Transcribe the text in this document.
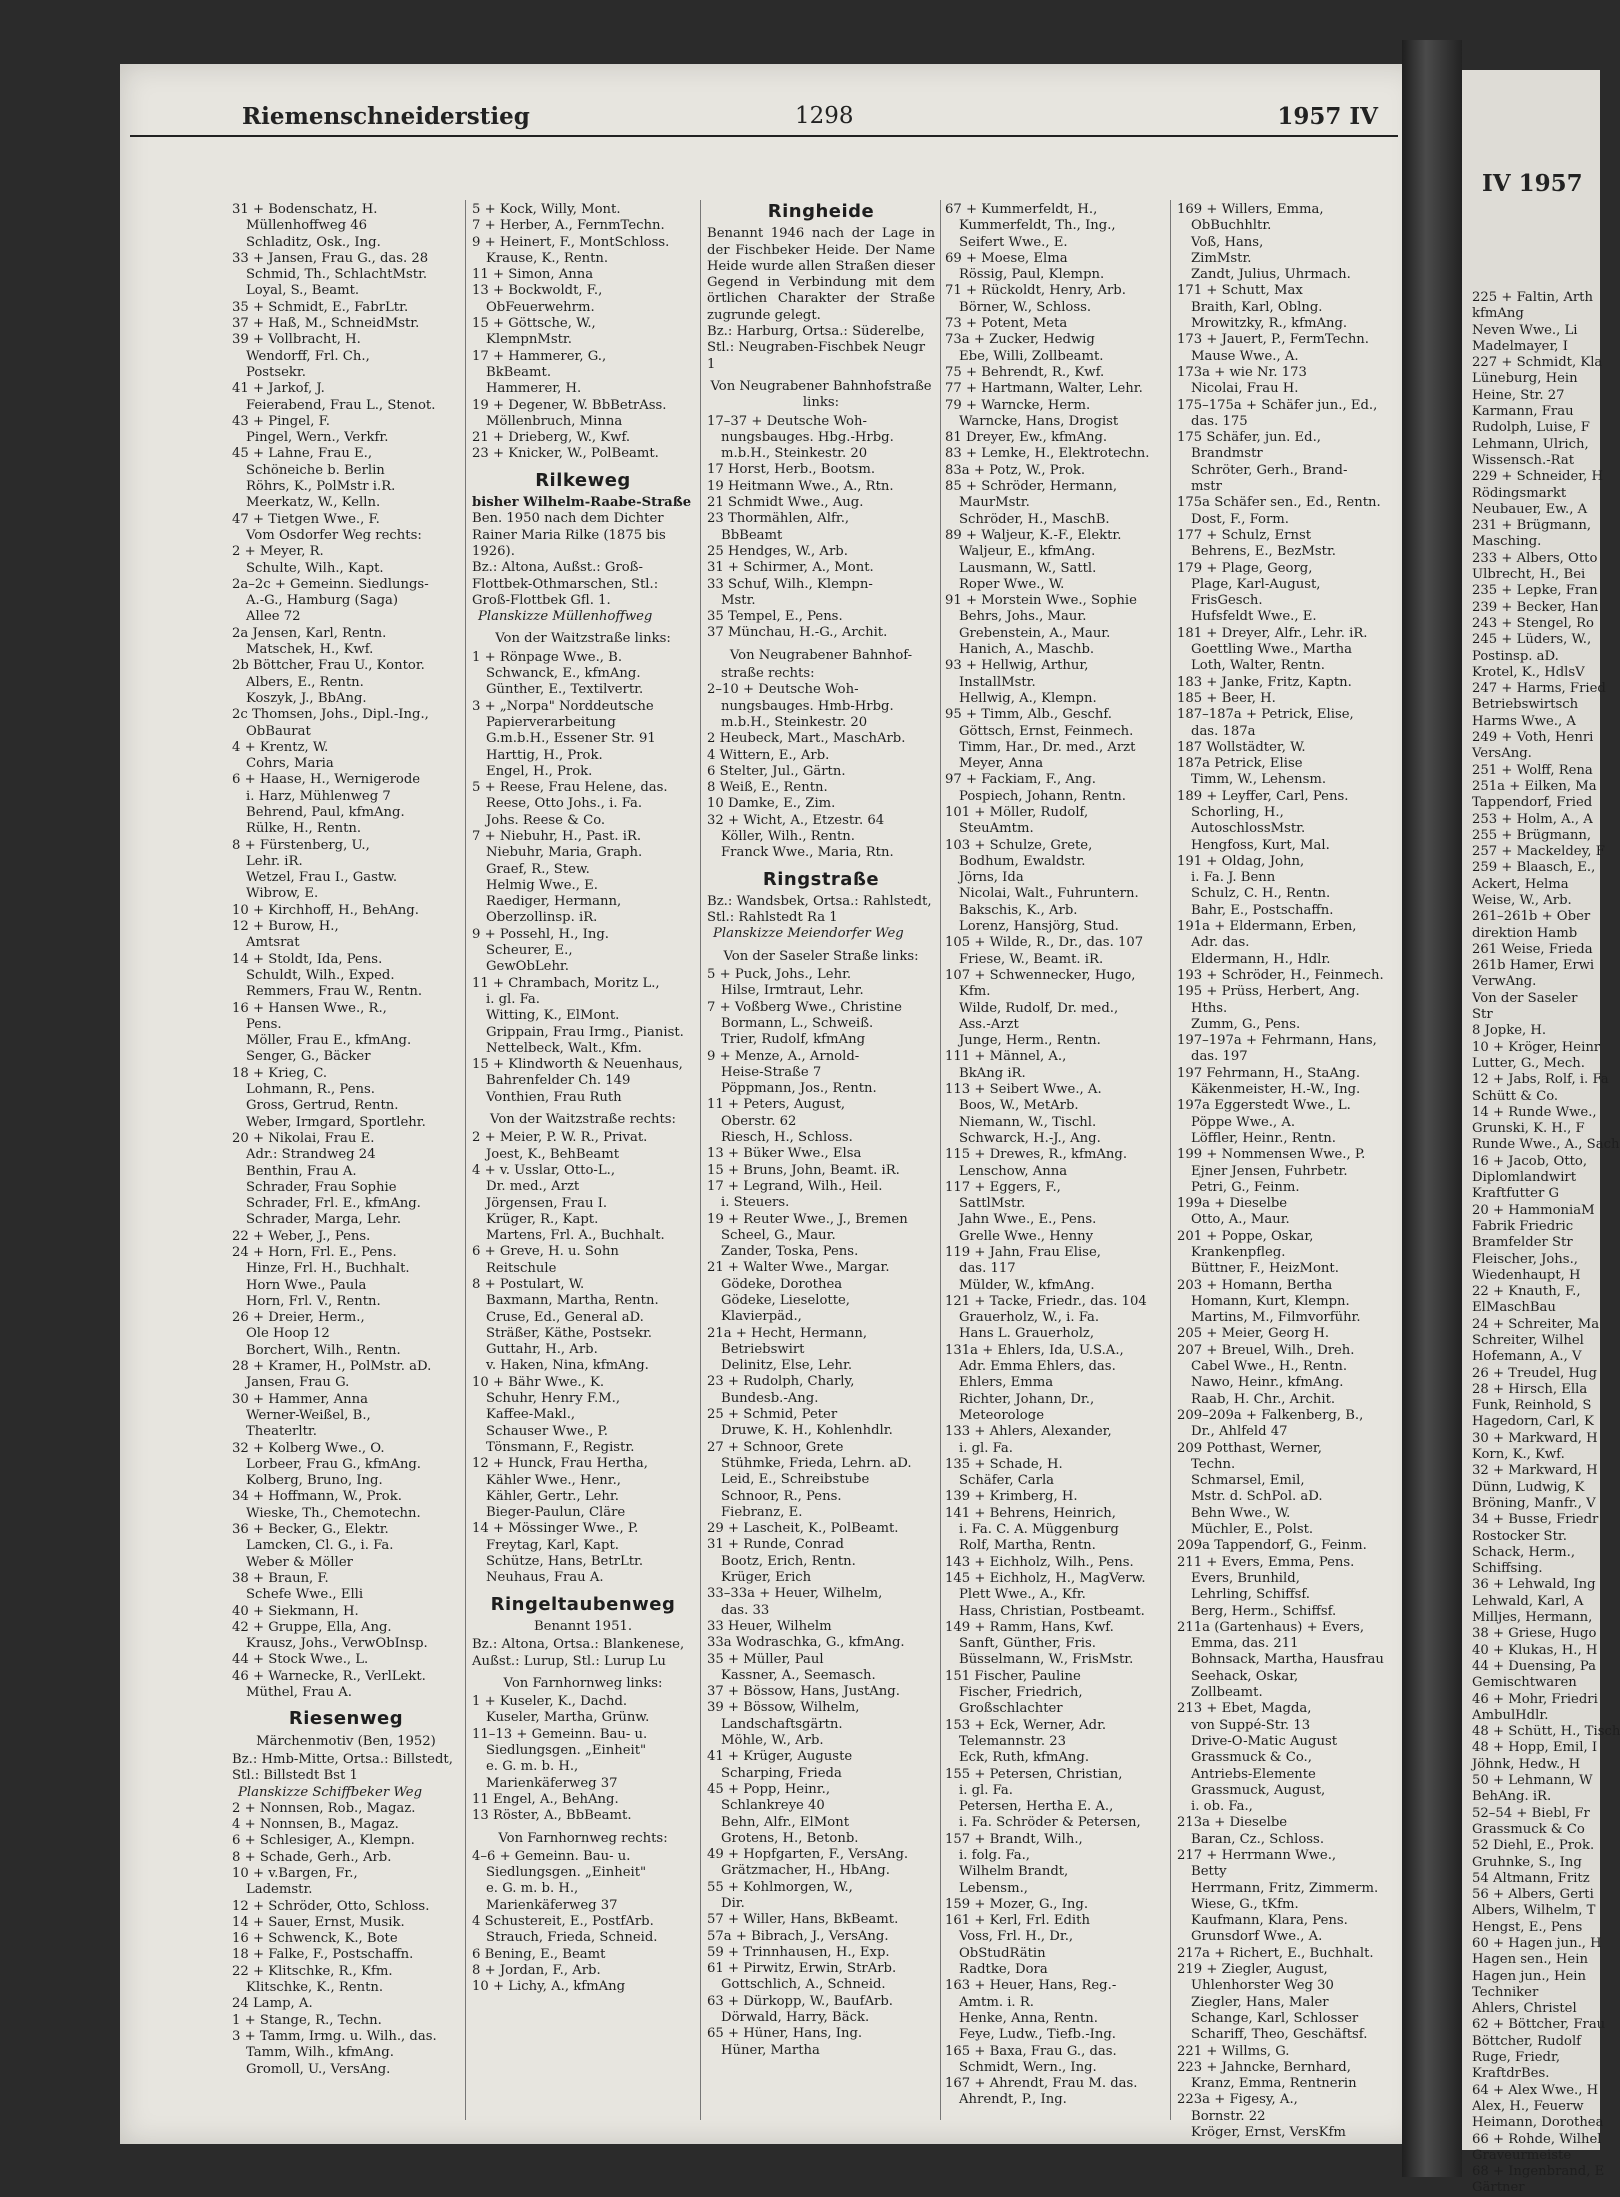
IV 1957
225 + Faltin, Arth
kfmAng
Neven Wwe., Li
Madelmayer, I
227 + Schmidt, Kla
Lüneburg, Hein
Heine, Str. 27
Karmann, Frau
Rudolph, Luise, F
Lehmann, Ulrich,
Wissensch.-Rat
229 + Schneider, H
Rödingsmarkt
Neubauer, Ew., A
231 + Brügmann,
Masching.
233 + Albers, Otto
Ulbrecht, H., Bei
235 + Lepke, Fran
239 + Becker, Han
243 + Stengel, Ro
245 + Lüders, W.,
Postinsp. aD.
Krotel, K., HdlsV
247 + Harms, Fried
Betriebswirtsch
Harms Wwe., A
249 + Voth, Henri
VersAng.
251 + Wolff, Rena
251a + Eilken, Ma
Tappendorf, Fried
253 + Holm, A., A
255 + Brügmann,
257 + Mackeldey, F
259 + Blaasch, E.,
Ackert, Helma
Weise, W., Arb.
261–261b + Ober
direktion Hamb
261 Weise, Frieda
261b Hamer, Erwi
VerwAng.
Von der Saseler Str
8 Jopke, H.
10 + Kröger, Heinr
Lutter, G., Mech.
12 + Jabs, Rolf, i. Fa
Schütt & Co.
14 + Runde Wwe.,
Grunski, K. H., F
Runde Wwe., A., Sach
16 + Jacob, Otto,
Diplomlandwirt
Kraftfutter G
20 + HammoniaM
Fabrik Friedric
Bramfelder Str
Fleischer, Johs.,
Wiedenhaupt, H
22 + Knauth, F.,
ElMaschBau
24 + Schreiter, Ma
Schreiter, Wilhel
Hofemann, A., V
26 + Treudel, Hug
28 + Hirsch, Ella
Funk, Reinhold, S
Hagedorn, Carl, K
30 + Markward, H
Korn, K., Kwf.
32 + Markward, H
Dünn, Ludwig, K
Bröning, Manfr., V
34 + Busse, Friedr
Rostocker Str.
Schack, Herm.,
Schiffsing.
36 + Lehwald, Ing
Lehwald, Karl, A
Milljes, Hermann,
38 + Griese, Hugo
40 + Klukas, H., H
44 + Duensing, Pa
Gemischtwaren
46 + Mohr, Friedri
AmbulHdlr.
48 + Schütt, H., Tisch
48 + Hopp, Emil, I
Jöhnk, Hedw., H
50 + Lehmann, W
BehAng. iR.
52–54 + Biebl, Fr
Grassmuck & Co
52 Diehl, E., Prok.
Gruhnke, S., Ing
54 Altmann, Fritz
56 + Albers, Gerti
Albers, Wilhelm, T
Hengst, E., Pens
60 + Hagen jun., H
Hagen sen., Hein
Hagen jun., Hein
Techniker
Ahlers, Christel
62 + Böttcher, Frau
Böttcher, Rudolf
Ruge, Friedr,
KraftdrBes.
64 + Alex Wwe., H
Alex, H., Feuerw
Heimann, Dorothea
66 + Rohde, Wilhel
Graveurmeiste
68 + Ingenbrand, E
Gärtner
Riemenschneiderstieg	1298	1957 IV
31 + Bodenschatz, H.
Müllenhoffweg 46
Schladitz, Osk., Ing.
33 + Jansen, Frau G., das. 28
Schmid, Th., SchlachtMstr.
Loyal, S., Beamt.
35 + Schmidt, E., FabrLtr.
37 + Haß, M., SchneidMstr.
39 + Vollbracht, H.
Wendorff, Frl. Ch.,
Postsekr.
41 + Jarkof, J.
Feierabend, Frau L., Stenot.
43 + Pingel, F.
Pingel, Wern., Verkfr.
45 + Lahne, Frau E.,
Schöneiche b. Berlin
Röhrs, K., PolMstr i.R.
Meerkatz, W., Kelln.
47 + Tietgen Wwe., F.
Vom Osdorfer Weg rechts:
2 + Meyer, R.
Schulte, Wilh., Kapt.
2a–2c + Gemeinn. Siedlungs-
A.-G., Hamburg (Saga)
Allee 72
2a Jensen, Karl, Rentn.
Matschek, H., Kwf.
2b Böttcher, Frau U., Kontor.
Albers, E., Rentn.
Koszyk, J., BbAng.
2c Thomsen, Johs., Dipl.-Ing.,
ObBaurat
4 + Krentz, W.
Cohrs, Maria
6 + Haase, H., Wernigerode
i. Harz, Mühlenweg 7
Behrend, Paul, kfmAng.
Rülke, H., Rentn.
8 + Fürstenberg, U.,
Lehr. iR.
Wetzel, Frau I., Gastw.
Wibrow, E.
10 + Kirchhoff, H., BehAng.
12 + Burow, H.,
Amtsrat
14 + Stoldt, Ida, Pens.
Schuldt, Wilh., Exped.
Remmers, Frau W., Rentn.
16 + Hansen Wwe., R.,
Pens.
Möller, Frau E., kfmAng.
Senger, G., Bäcker
18 + Krieg, C.
Lohmann, R., Pens.
Gross, Gertrud, Rentn.
Weber, Irmgard, Sportlehr.
20 + Nikolai, Frau E.
Adr.: Strandweg 24
Benthin, Frau A.
Schrader, Frau Sophie
Schrader, Frl. E., kfmAng.
Schrader, Marga, Lehr.
22 + Weber, J., Pens.
24 + Horn, Frl. E., Pens.
Hinze, Frl. H., Buchhalt.
Horn Wwe., Paula
Horn, Frl. V., Rentn.
26 + Dreier, Herm.,
Ole Hoop 12
Borchert, Wilh., Rentn.
28 + Kramer, H., PolMstr. aD.
Jansen, Frau G.
30 + Hammer, Anna
Werner-Weißel, B.,
Theaterltr.
32 + Kolberg Wwe., O.
Lorbeer, Frau G., kfmAng.
Kolberg, Bruno, Ing.
34 + Hoffmann, W., Prok.
Wieske, Th., Chemotechn.
36 + Becker, G., Elektr.
Lamcken, Cl. G., i. Fa.
Weber & Möller
38 + Braun, F.
Schefe Wwe., Elli
40 + Siekmann, H.
42 + Gruppe, Ella, Ang.
Krausz, Johs., VerwObInsp.
44 + Stock Wwe., L.
46 + Warnecke, R., VerlLekt.
Müthel, Frau A.
Riesenweg
Märchenmotiv (Ben, 1952)
Bz.: Hmb-Mitte, Ortsa.: Billstedt, Stl.: Billstedt Bst 1
Planskizze Schiffbeker Weg
2 + Nonnsen, Rob., Magaz.
4 + Nonnsen, B., Magaz.
6 + Schlesiger, A., Klempn.
8 + Schade, Gerh., Arb.
10 + v.Bargen, Fr.,
Lademstr.
12 + Schröder, Otto, Schloss.
14 + Sauer, Ernst, Musik.
16 + Schwenck, K., Bote
18 + Falke, F., Postschaffn.
22 + Klitschke, R., Kfm.
Klitschke, K., Rentn.
24 Lamp, A.
1 + Stange, R., Techn.
3 + Tamm, Irmg. u. Wilh., das.
Tamm, Wilh., kfmAng.
Gromoll, U., VersAng.
5 + Kock, Willy, Mont.
7 + Herber, A., FernmTechn.
9 + Heinert, F., MontSchloss.
Krause, K., Rentn.
11 + Simon, Anna
13 + Bockwoldt, F.,
ObFeuerwehrm.
15 + Göttsche, W.,
KlempnMstr.
17 + Hammerer, G.,
BkBeamt.
Hammerer, H.
19 + Degener, W. BbBetrAss.
Möllenbruch, Minna
21 + Drieberg, W., Kwf.
23 + Knicker, W., PolBeamt.
Rilkeweg
bisher Wilhelm-Raabe-Straße
Ben. 1950 nach dem Dichter Rainer Maria Rilke (1875 bis 1926).
Bz.: Altona, Außst.: Groß-Flottbek-Othmarschen, Stl.: Groß-Flottbek Gfl. 1.
Planskizze Müllenhoffweg
Von der Waitzstraße links:
1 + Rönpage Wwe., B.
Schwanck, E., kfmAng.
Günther, E., Textilvertr.
3 + „Norpa" Norddeutsche
Papierverarbeitung
G.m.b.H., Essener Str. 91
Harttig, H., Prok.
Engel, H., Prok.
5 + Reese, Frau Helene, das.
Reese, Otto Johs., i. Fa.
Johs. Reese & Co.
7 + Niebuhr, H., Past. iR.
Niebuhr, Maria, Graph.
Graef, R., Stew.
Helmig Wwe., E.
Raediger, Hermann,
Oberzollinsp. iR.
9 + Possehl, H., Ing.
Scheurer, E.,
GewObLehr.
11 + Chrambach, Moritz L.,
i. gl. Fa.
Witting, K., ElMont.
Grippain, Frau Irmg., Pianist.
Nettelbeck, Walt., Kfm.
15 + Klindworth & Neuenhaus,
Bahrenfelder Ch. 149
Vonthien, Frau Ruth
Von der Waitzstraße rechts:
2 + Meier, P. W. R., Privat.
Joest, K., BehBeamt
4 + v. Usslar, Otto-L.,
Dr. med., Arzt
Jörgensen, Frau I.
Krüger, R., Kapt.
Martens, Frl. A., Buchhalt.
6 + Greve, H. u. Sohn
Reitschule
8 + Postulart, W.
Baxmann, Martha, Rentn.
Cruse, Ed., General aD.
Sträßer, Käthe, Postsekr.
Guttahr, H., Arb.
v. Haken, Nina, kfmAng.
10 + Bähr Wwe., K.
Schuhr, Henry F.M.,
Kaffee-Makl.,
Schauser Wwe., P.
Tönsmann, F., Registr.
12 + Hunck, Frau Hertha,
Kähler Wwe., Henr.,
Kähler, Gertr., Lehr.
Bieger-Paulun, Cläre
14 + Mössinger Wwe., P.
Freytag, Karl, Kapt.
Schütze, Hans, BetrLtr.
Neuhaus, Frau A.
Ringeltaubenweg
Benannt 1951.
Bz.: Altona, Ortsa.: Blankenese, Außst.: Lurup, Stl.: Lurup Lu
Von Farnhornweg links:
1 + Kuseler, K., Dachd.
Kuseler, Martha, Grünw.
11–13 + Gemeinn. Bau- u.
Siedlungsgen. „Einheit"
e. G. m. b. H.,
Marienkäferweg 37
11 Engel, A., BehAng.
13 Röster, A., BbBeamt.
Von Farnhornweg rechts:
4–6 + Gemeinn. Bau- u.
Siedlungsgen. „Einheit"
e. G. m. b. H.,
Marienkäferweg 37
4 Schustereit, E., PostfArb.
Strauch, Frieda, Schneid.
6 Bening, E., Beamt
8 + Jordan, F., Arb.
10 + Lichy, A., kfmAng
Ringheide
Benannt 1946 nach der Lage in der Fischbeker Heide. Der Name Heide wurde allen Straßen dieser Gegend in Verbindung mit dem örtlichen Charakter der Straße zugrunde gelegt.
Bz.: Harburg, Ortsa.: Süderelbe, Stl.: Neugraben-Fischbek Neugr 1
Von Neugrabener Bahnhofstraße links:
17–37 + Deutsche Woh-
nungsbauges. Hbg.-Hrbg.
m.b.H., Steinkestr. 20
17 Horst, Herb., Bootsm.
19 Heitmann Wwe., A., Rtn.
21 Schmidt Wwe., Aug.
23 Thormählen, Alfr.,
BbBeamt
25 Hendges, W., Arb.
31 + Schirmer, A., Mont.
33 Schuf, Wilh., Klempn-
Mstr.
35 Tempel, E., Pens.
37 Münchau, H.-G., Archit.
Von Neugrabener Bahnhof-
straße rechts:
2–10 + Deutsche Woh-
nungsbauges. Hmb-Hrbg.
m.b.H., Steinkestr. 20
2 Heubeck, Mart., MaschArb.
4 Wittern, E., Arb.
6 Stelter, Jul., Gärtn.
8 Weiß, E., Rentn.
10 Damke, E., Zim.
32 + Wicht, A., Etzestr. 64
Köller, Wilh., Rentn.
Franck Wwe., Maria, Rtn.
Ringstraße
Bz.: Wandsbek, Ortsa.: Rahlstedt, Stl.: Rahlstedt Ra 1
Planskizze Meiendorfer Weg
Von der Saseler Straße links:
5 + Puck, Johs., Lehr.
Hilse, Irmtraut, Lehr.
7 + Voßberg Wwe., Christine
Bormann, L., Schweiß.
Trier, Rudolf, kfmAng
9 + Menze, A., Arnold-
Heise-Straße 7
Pöppmann, Jos., Rentn.
11 + Peters, August,
Oberstr. 62
Riesch, H., Schloss.
13 + Büker Wwe., Elsa
15 + Bruns, John, Beamt. iR.
17 + Legrand, Wilh., Heil.
i. Steuers.
19 + Reuter Wwe., J., Bremen
Scheel, G., Maur.
Zander, Toska, Pens.
21 + Walter Wwe., Margar.
Gödeke, Dorothea
Gödeke, Lieselotte,
Klavierpäd.,
21a + Hecht, Hermann,
Betriebswirt
Delinitz, Else, Lehr.
23 + Rudolph, Charly,
Bundesb.-Ang.
25 + Schmid, Peter
Druwe, K. H., Kohlenhdlr.
27 + Schnoor, Grete
Stühmke, Frieda, Lehrn. aD.
Leid, E., Schreibstube
Schnoor, R., Pens.
Fiebranz, E.
29 + Lascheit, K., PolBeamt.
31 + Runde, Conrad
Bootz, Erich, Rentn.
Krüger, Erich
33–33a + Heuer, Wilhelm,
das. 33
33 Heuer, Wilhelm
33a Wodraschka, G., kfmAng.
35 + Müller, Paul
Kassner, A., Seemasch.
37 + Bössow, Hans, JustAng.
39 + Bössow, Wilhelm,
Landschaftsgärtn.
Möhle, W., Arb.
41 + Krüger, Auguste
Scharping, Frieda
45 + Popp, Heinr.,
Schlankreye 40
Behn, Alfr., ElMont
Grotens, H., Betonb.
49 + Hopfgarten, F., VersAng.
Grätzmacher, H., HbAng.
55 + Kohlmorgen, W.,
Dir.
57 + Willer, Hans, BkBeamt.
57a + Bibrach, J., VersAng.
59 + Trinnhausen, H., Exp.
61 + Pirwitz, Erwin, StrArb.
Gottschlich, A., Schneid.
63 + Dürkopp, W., BaufArb.
Dörwald, Harry, Bäck.
65 + Hüner, Hans, Ing.
Hüner, Martha
67 + Kummerfeldt, H.,
Kummerfeldt, Th., Ing.,
Seifert Wwe., E.
69 + Moese, Elma
Rössig, Paul, Klempn.
71 + Rückoldt, Henry, Arb.
Börner, W., Schloss.
73 + Potent, Meta
73a + Zucker, Hedwig
Ebe, Willi, Zollbeamt.
75 + Behrendt, R., Kwf.
77 + Hartmann, Walter, Lehr.
79 + Warncke, Herm.
Warncke, Hans, Drogist
81 Dreyer, Ew., kfmAng.
83 + Lemke, H., Elektrotechn.
83a + Potz, W., Prok.
85 + Schröder, Hermann,
MaurMstr.
Schröder, H., MaschB.
89 + Waljeur, K.-F., Elektr.
Waljeur, E., kfmAng.
Lausmann, W., Sattl.
Roper Wwe., W.
91 + Morstein Wwe., Sophie
Behrs, Johs., Maur.
Grebenstein, A., Maur.
Hanich, A., Maschb.
93 + Hellwig, Arthur,
InstallMstr.
Hellwig, A., Klempn.
95 + Timm, Alb., Geschf.
Göttsch, Ernst, Feinmech.
Timm, Har., Dr. med., Arzt
Meyer, Anna
97 + Fackiam, F., Ang.
Pospiech, Johann, Rentn.
101 + Möller, Rudolf,
SteuAmtm.
103 + Schulze, Grete,
Bodhum, Ewaldstr.
Jörns, Ida
Nicolai, Walt., Fuhruntern.
Bakschis, K., Arb.
Lorenz, Hansjörg, Stud.
105 + Wilde, R., Dr., das. 107
Friese, W., Beamt. iR.
107 + Schwennecker, Hugo,
Kfm.
Wilde, Rudolf, Dr. med.,
Ass.-Arzt
Junge, Herm., Rentn.
111 + Männel, A.,
BkAng iR.
113 + Seibert Wwe., A.
Boos, W., MetArb.
Niemann, W., Tischl.
Schwarck, H.-J., Ang.
115 + Drewes, R., kfmAng.
Lenschow, Anna
117 + Eggers, F.,
SattlMstr.
Jahn Wwe., E., Pens.
Grelle Wwe., Henny
119 + Jahn, Frau Elise,
das. 117
Mülder, W., kfmAng.
121 + Tacke, Friedr., das. 104
Grauerholz, W., i. Fa.
Hans L. Grauerholz,
131a + Ehlers, Ida, U.S.A.,
Adr. Emma Ehlers, das.
Ehlers, Emma
Richter, Johann, Dr.,
Meteorologe
133 + Ahlers, Alexander,
i. gl. Fa.
135 + Schade, H.
Schäfer, Carla
139 + Krimberg, H.
141 + Behrens, Heinrich,
i. Fa. C. A. Müggenburg
Rolf, Martha, Rentn.
143 + Eichholz, Wilh., Pens.
145 + Eichholz, H., MagVerw.
Plett Wwe., A., Kfr.
Hass, Christian, Postbeamt.
149 + Ramm, Hans, Kwf.
Sanft, Günther, Fris.
Büsselmann, W., FrisMstr.
151 Fischer, Pauline
Fischer, Friedrich,
Großschlachter
153 + Eck, Werner, Adr.
Telemannstr. 23
Eck, Ruth, kfmAng.
155 + Petersen, Christian,
i. gl. Fa.
Petersen, Hertha E. A.,
i. Fa. Schröder & Petersen,
157 + Brandt, Wilh.,
i. folg. Fa.,
Wilhelm Brandt,
Lebensm.,
159 + Mozer, G., Ing.
161 + Kerl, Frl. Edith
Voss, Frl. H., Dr.,
ObStudRätin
Radtke, Dora
163 + Heuer, Hans, Reg.-
Amtm. i. R.
Henke, Anna, Rentn.
Feye, Ludw., Tiefb.-Ing.
165 + Baxa, Frau G., das.
Schmidt, Wern., Ing.
167 + Ahrendt, Frau M. das.
Ahrendt, P., Ing.
169 + Willers, Emma,
ObBuchhltr.
Voß, Hans,
ZimMstr.
Zandt, Julius, Uhrmach.
171 + Schutt, Max
Braith, Karl, Oblng.
Mrowitzky, R., kfmAng.
173 + Jauert, P., FermTechn.
Mause Wwe., A.
173a + wie Nr. 173
Nicolai, Frau H.
175–175a + Schäfer jun., Ed.,
das. 175
175 Schäfer, jun. Ed.,
Brandmstr
Schröter, Gerh., Brand-
mstr
175a Schäfer sen., Ed., Rentn.
Dost, F., Form.
177 + Schulz, Ernst
Behrens, E., BezMstr.
179 + Plage, Georg,
Plage, Karl-August,
FrisGesch.
Hufsfeldt Wwe., E.
181 + Dreyer, Alfr., Lehr. iR.
Goettling Wwe., Martha
Loth, Walter, Rentn.
183 + Janke, Fritz, Kaptn.
185 + Beer, H.
187–187a + Petrick, Elise,
das. 187a
187 Wollstädter, W.
187a Petrick, Elise
Timm, W., Lehensm.
189 + Leyffer, Carl, Pens.
Schorling, H.,
AutoschlossMstr.
Hengfoss, Kurt, Mal.
191 + Oldag, John,
i. Fa. J. Benn
Schulz, C. H., Rentn.
Bahr, E., Postschaffn.
191a + Eldermann, Erben,
Adr. das.
Eldermann, H., Hdlr.
193 + Schröder, H., Feinmech.
195 + Prüss, Herbert, Ang.
Hths.
Zumm, G., Pens.
197–197a + Fehrmann, Hans,
das. 197
197 Fehrmann, H., StaAng.
Käkenmeister, H.-W., Ing.
197a Eggerstedt Wwe., L.
Pöppe Wwe., A.
Löffler, Heinr., Rentn.
199 + Nommensen Wwe., P.
Ejner Jensen, Fuhrbetr.
Petri, G., Feinm.
199a + Dieselbe
Otto, A., Maur.
201 + Poppe, Oskar,
Krankenpfleg.
Büttner, F., HeizMont.
203 + Homann, Bertha
Homann, Kurt, Klempn.
Martins, M., Filmvorführ.
205 + Meier, Georg H.
207 + Breuel, Wilh., Dreh.
Cabel Wwe., H., Rentn.
Nawo, Heinr., kfmAng.
Raab, H. Chr., Archit.
209–209a + Falkenberg, B.,
Dr., Ahlfeld 47
209 Potthast, Werner,
Techn.
Schmarsel, Emil,
Mstr. d. SchPol. aD.
Behn Wwe., W.
Müchler, E., Polst.
209a Tappendorf, G., Feinm.
211 + Evers, Emma, Pens.
Evers, Brunhild,
Lehrling, Schiffsf.
Berg, Herm., Schiffsf.
211a (Gartenhaus) + Evers,
Emma, das. 211
Bohnsack, Martha, Hausfrau
Seehack, Oskar,
Zollbeamt.
213 + Ebet, Magda,
von Suppé-Str. 13
Drive-O-Matic August
Grassmuck & Co.,
Antriebs-Elemente
Grassmuck, August,
i. ob. Fa.,
213a + Dieselbe
Baran, Cz., Schloss.
217 + Herrmann Wwe.,
Betty
Herrmann, Fritz, Zimmerm.
Wiese, G., tKfm.
Kaufmann, Klara, Pens.
Grunsdorf Wwe., A.
217a + Richert, E., Buchhalt.
219 + Ziegler, August,
Uhlenhorster Weg 30
Ziegler, Hans, Maler
Schange, Karl, Schlosser
Schariff, Theo, Geschäftsf.
221 + Willms, G.
223 + Jahncke, Bernhard,
Kranz, Emma, Rentnerin
223a + Figesy, A.,
Bornstr. 22
Kröger, Ernst, VersKfm
